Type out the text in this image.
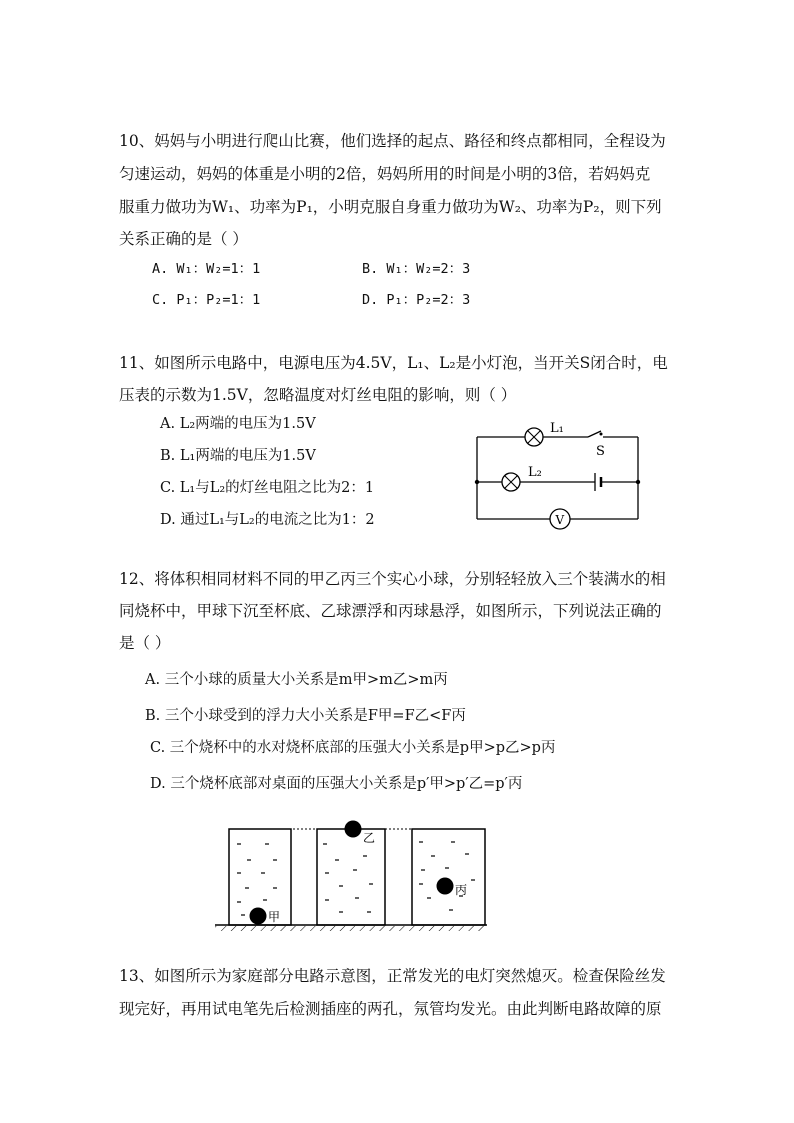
10、妈妈与小明进行爬山比赛，他们选择的起点、路径和终点都相同，全程设为
匀速运动，妈妈的体重是小明的2倍，妈妈所用的时间是小明的3倍，若妈妈克
服重力做功为W₁、功率为P₁，小明克服自身重力做功为W₂、功率为P₂，则下列
关系正确的是（ ）
A. W₁：W₂=1：1	B. W₁：W₂=2：3
C. P₁：P₂=1：1	D. P₁：P₂=2：3
11、如图所示电路中，电源电压为4.5V，L₁、L₂是小灯泡，当开关S闭合时，电
压表的示数为1.5V，忽略温度对灯丝电阻的影响，则（ ）
A. L₂两端的电压为1.5V
B. L₁两端的电压为1.5V
C. L₁与L₂的灯丝电阻之比为2：1
D. 通过L₁与L₂的电流之比为1：2
L₁
S
L₂
V
12、将体积相同材料不同的甲乙丙三个实心小球，分别轻轻放入三个装满水的相
同烧杯中，甲球下沉至杯底、乙球漂浮和丙球悬浮，如图所示，下列说法正确的
是（ ）
A. 三个小球的质量大小关系是m甲>m乙>m丙
B. 三个小球受到的浮力大小关系是F甲=F乙<F丙
C. 三个烧杯中的水对烧杯底部的压强大小关系是p甲>p乙>p丙
D. 三个烧杯底部对桌面的压强大小关系是p′甲>p′乙=p′丙
甲
乙
丙
13、如图所示为家庭部分电路示意图，正常发光的电灯突然熄灭。检查保险丝发
现完好，再用试电笔先后检测插座的两孔，氖管均发光。由此判断电路故障的原
